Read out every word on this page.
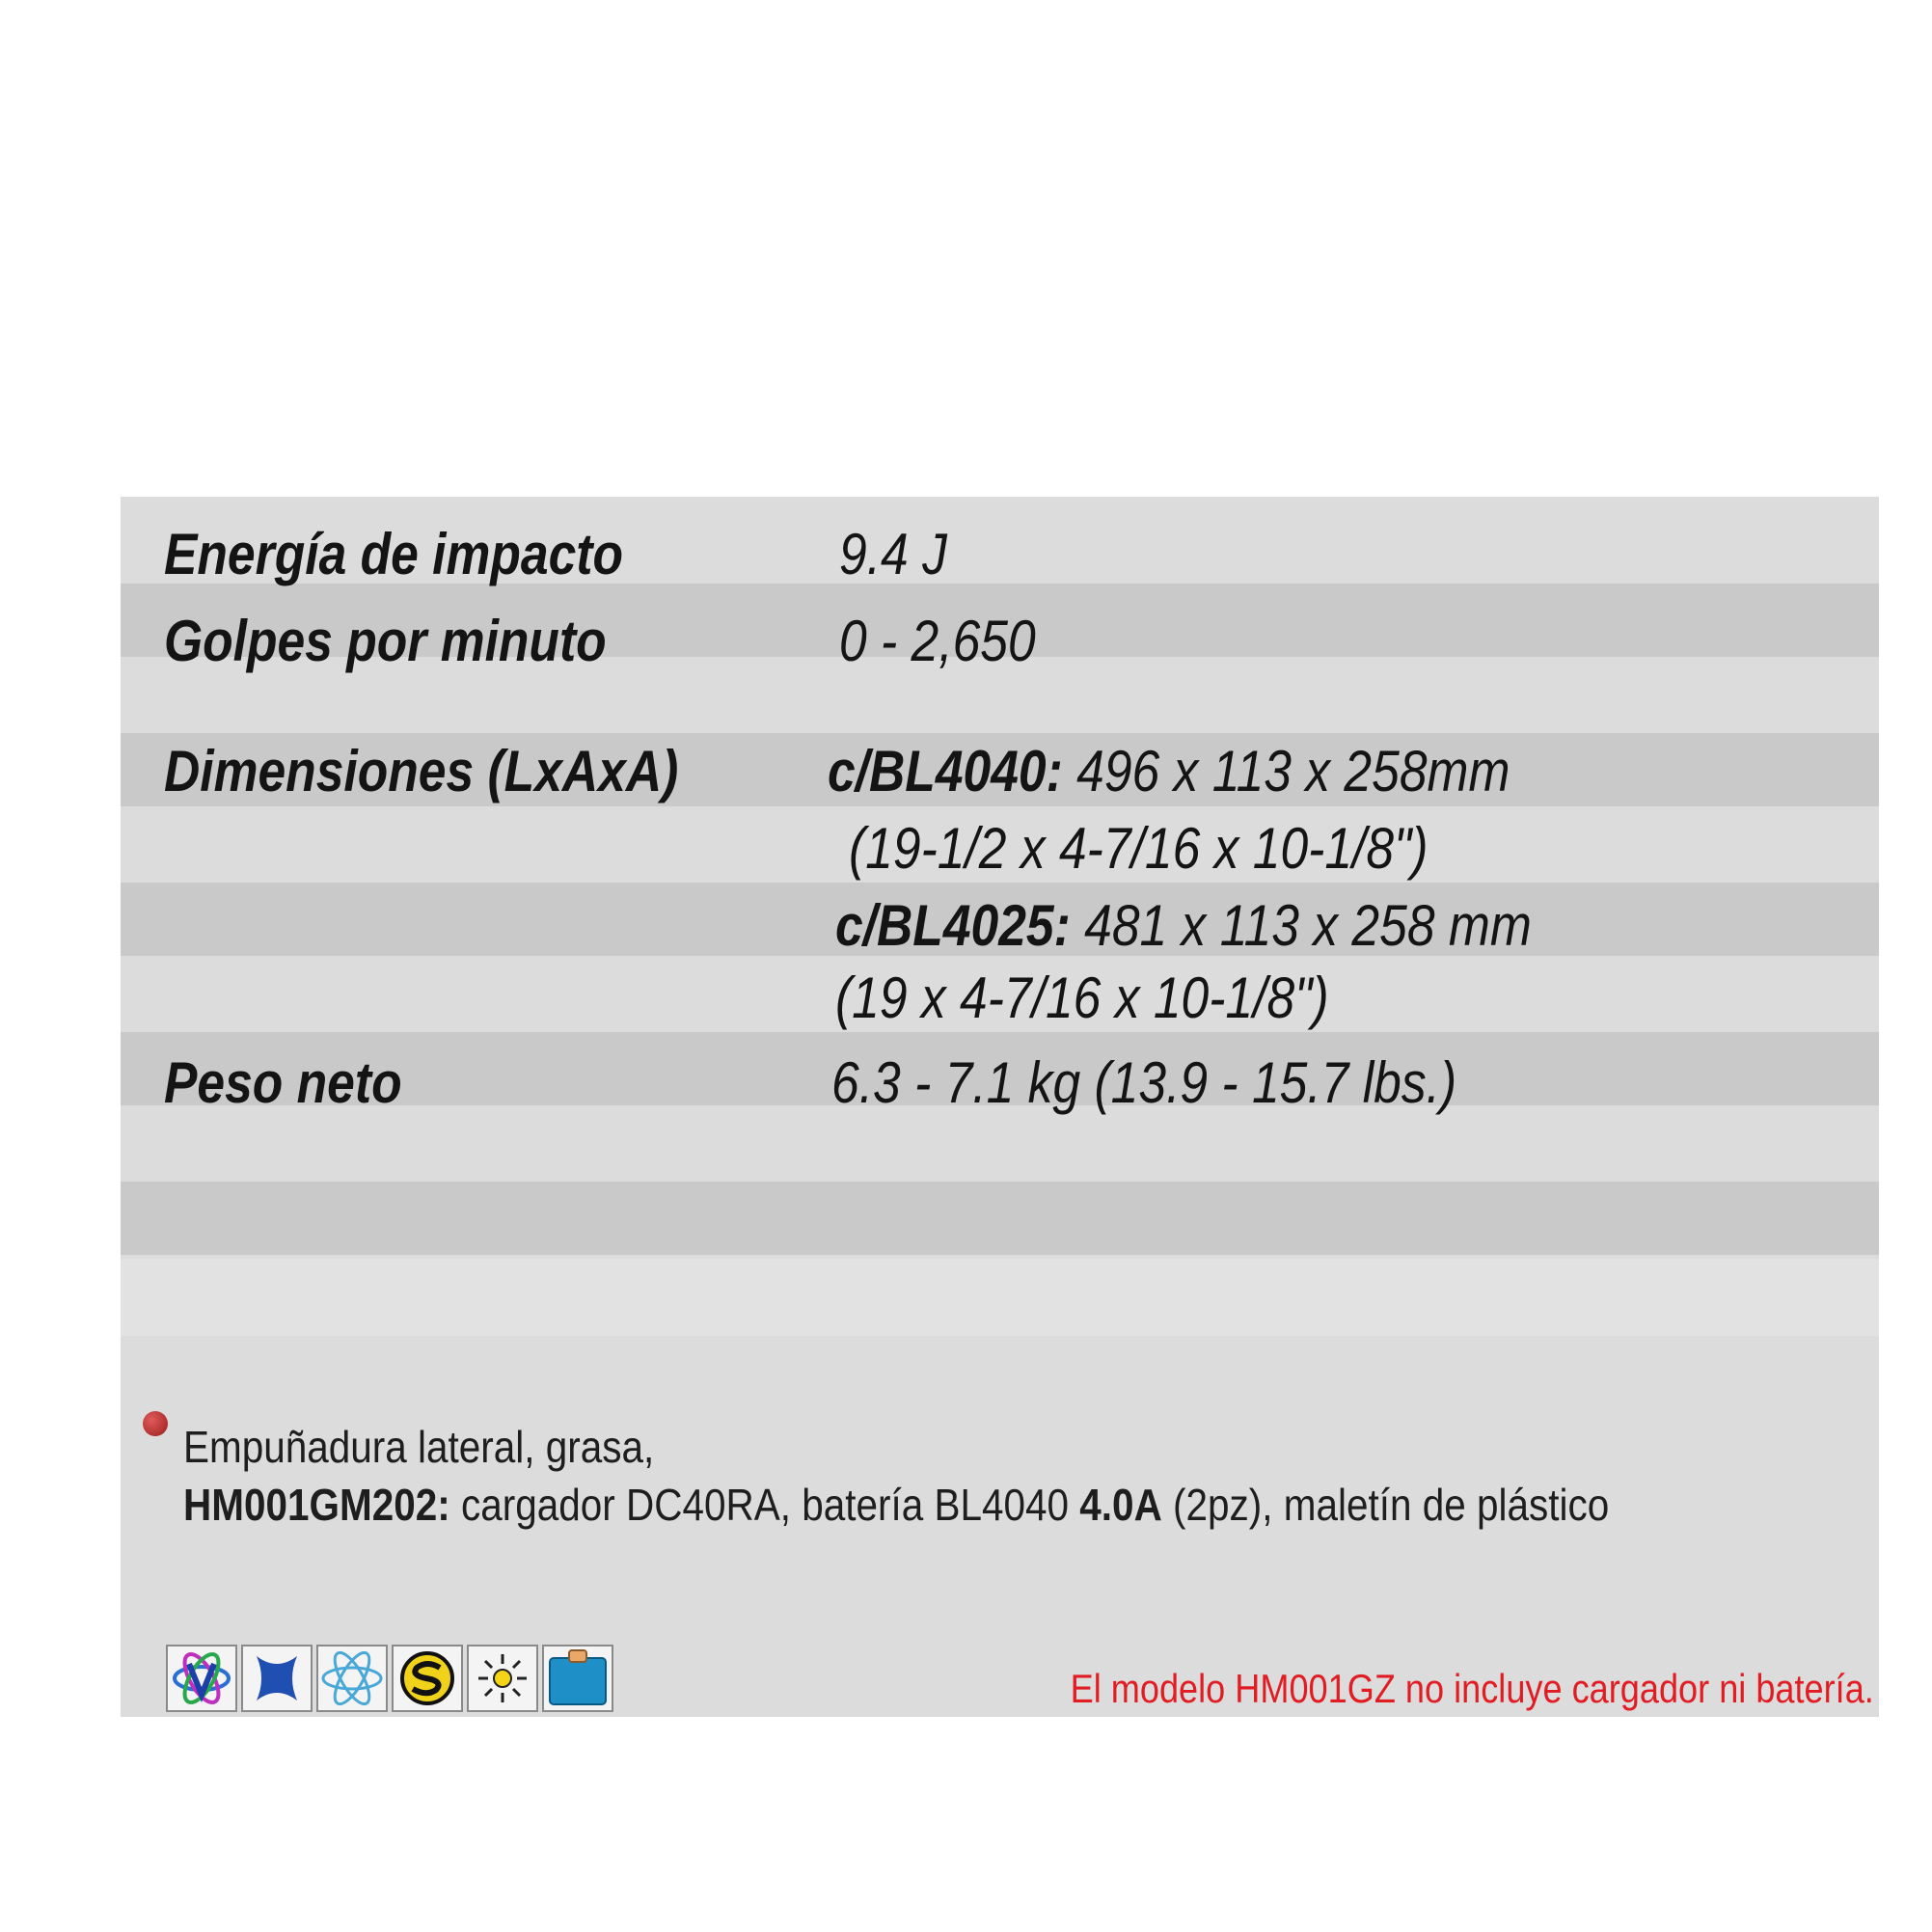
Energía de impacto	9.4 J
Golpes por minuto	0 - 2,650
Dimensiones (LxAxA)	c/BL4040: 496 x 113 x 258mm
(19-1/2 x 4-7/16 x 10-1/8")
c/BL4025: 481 x 113 x 258 mm
(19 x 4-7/16 x 10-1/8")
Peso neto	6.3 - 7.1 kg (13.9 - 15.7 lbs.)
Empuñadura lateral, grasa,
HM001GM202: cargador DC40RA, batería BL4040 4.0A (2pz), maletín de plástico
El modelo HM001GZ no incluye cargador ni batería.
